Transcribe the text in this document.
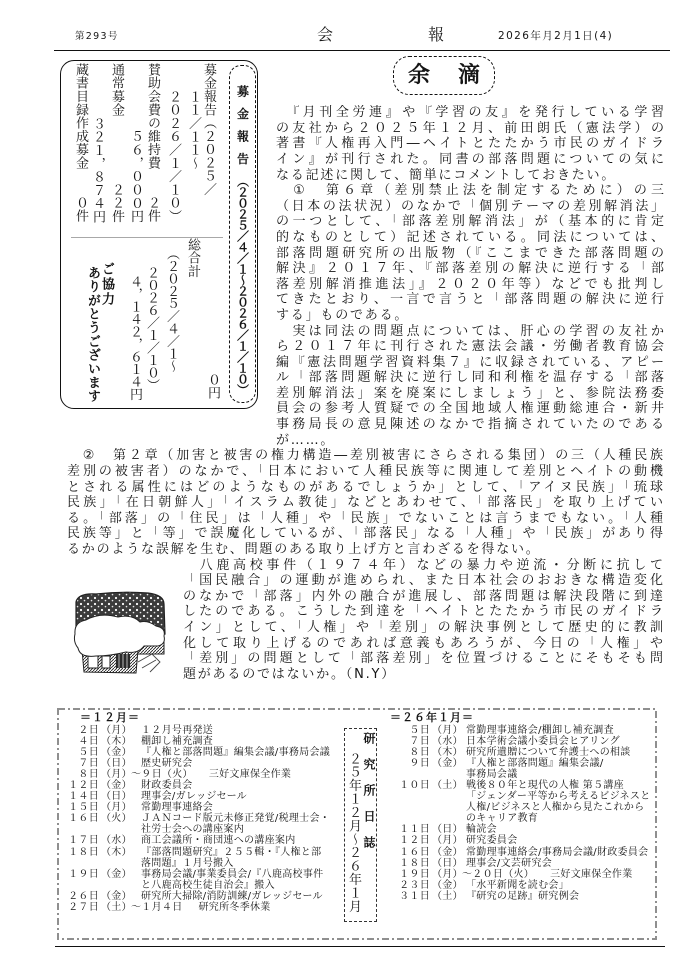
第293号	会	報	2026年月2月1日(4)
募金報告（２０２５／４／１～２０２６／１／１０）
募金報告（２０２５／
１１／１１～
２０２６／１／１０）
賛助会費の維持費
２件
５６，０００円
通常募金
２２件
３２１，８７４円
蔵書目録作成募金
０件
０円
総合計
（２０２５／４／１～
２０２６／１／１０）
４，１４２，６１４円
ご協力
ありがとうございます
余滴
　『月刊全労連』や『学習の友』を発行している学習
の友社から２０２５年１２月、前田朗氏（憲法学）の
著書『人権再入門―ヘイトとたたかう市民のガイドラ
イン』が刊行された。同書の部落問題についての気に
なる記述に関して、簡単にコメントしておきたい。
　①　第６章（差別禁止法を制定するために）の三
（日本の法状況）のなかで「個別テーマの差別解消法」
の一つとして、「部落差別解消法」が（基本的に肯定
的なものとして）記述されている。同法については、
部落問題研究所の出版物（『ここまできた部落問題の
解決』２０１７年、『部落差別の解決に逆行する「部
落差別解消推進法」』２０２０年等）などでも批判し
てきたとおり、一言で言うと「部落問題の解決に逆行
する」ものである。
　実は同法の問題点については、肝心の学習の友社か
ら２０１７年に刊行された憲法会議・労働者教育協会
編『憲法問題学習資料集７』に収録されている、アピー
ル「部落問題解決に逆行し同和利権を温存する「部落
差別解消法」案を廃案にしましょう」と、参院法務委
員会の参考人質疑での全国地域人権運動総連合・新井
事務局長の意見陳述のなかで指摘されていたのである
が……。
　②　第２章（加害と被害の権力構造―差別被害にさらされる集団）の三（人種民族
差別の被害者）のなかで、「日本において人種民族等に関連して差別とヘイトの動機
とされる属性にはどのようなものがあるでしょうか」として、「アイヌ民族」「琉球
民族」「在日朝鮮人」「イスラム教徒」などとあわせて、「部落民」を取り上げてい
る。「部落」の「住民」は「人種」や「民族」でないことは言うまでもない。「人種
民族等」と「等」で誤魔化しているが、「部落民」なる「人種」や「民族」があり得
るかのような誤解を生む、問題のある取り上げ方と言わざるを得ない。
　八鹿高校事件（１９７４年）などの暴力や逆流・分断に抗して
「国民融合」の運動が進められ、また日本社会のおおきな構造変化
のなかで「部落」内外の融合が進展し、部落問題は解決段階に到達
したのである。こうした到達を「ヘイトとたたかう市民のガイドラ
イン」として、「人権」や「差別」の解決事例として歴史的に教訓
化して取り上げるのであれば意義もあろうが、今日の「人権」や
「差別」の問題として「部落差別」を位置づけることにそもそも問
題があるのではないか。（N.Y）
＝１２月＝
２日 （月） １２月号再発送
４日 （木） 棚卸し補充調査
５日 （金） 『人権と部落問題』編集会議/事務局会議
７日 （日） 歴史研究会
８日 （月） ～９日（火） 三好文庫保全作業
１２日 （金） 財政委員会
１４日 （日） 理事会/ガレッジセール
１５日 （月） 常勤理事連絡会
１６日 （火） ＪＡＮコード版元未修正発覚/税理士会・
社労士会への講座案内
１７日 （水） 商工会議所・商団連への講座案内
１８日 （木） 『部落問題研究』２５５輯・『人権と部
落問題』１月号搬入
１９日 （金） 事務局会議/事業委員会/『八鹿高校事件
と八鹿高校生徒自治会』搬入
２６日 （金） 研究所大掃除/消防訓練/ガレッジセール
２７日 （土） ～１月４日 研究所冬季休業
＝２６年１月＝
５日 （月） 常勤理事連絡会/棚卸し補充調査
７日 （水） 日本学術会議小委員会ヒアリング
８日 （木） 研究所遺贈について弁護士への相談
９日 （金） 『人権と部落問題』編集会議/
事務局会議
１０日 （土） 戦後８０年と現代の人権 第５講座
「ジェンダー平等から考えるビジネスと
人権/ビジネスと人権から見たこれから
のキャリア教育
１１日 （日） 輪読会
１２日 （月） 研究委員会
１６日 （金） 常勤理事連絡会/事務局会議/財政委員会
１８日 （日） 理事会/文芸研究会
１９日 （月） ～２０日（火） 三好文庫保全作業
２３日 （金） 「水平新聞を読む会」
３１日 （土） 『研究の足跡』研究例会
研究所日誌
２５年１２月～２６年１月
